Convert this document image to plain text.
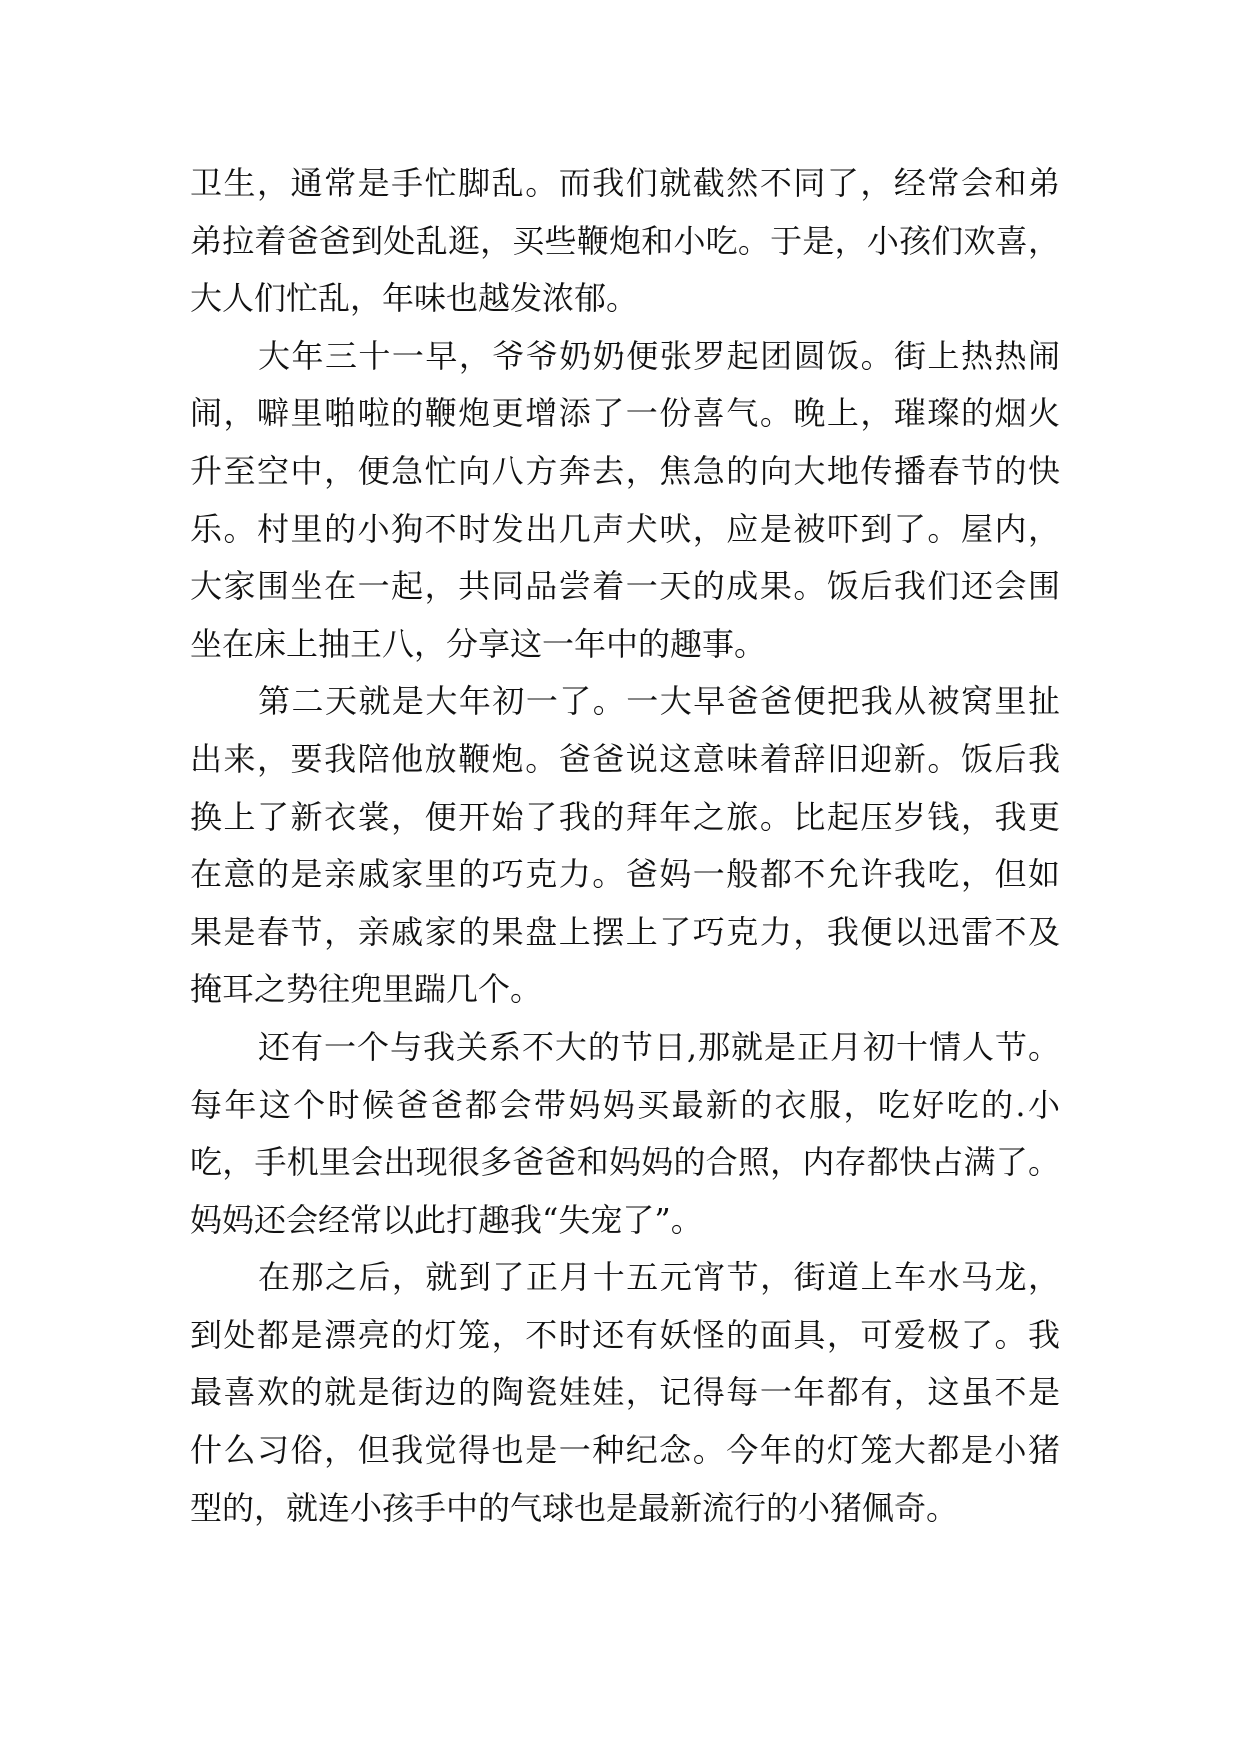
卫生，通常是手忙脚乱。而我们就截然不同了，经常会和弟
弟拉着爸爸到处乱逛，买些鞭炮和小吃。于是，小孩们欢喜，
大人们忙乱，年味也越发浓郁。
大年三十一早，爷爷奶奶便张罗起团圆饭。街上热热闹
闹，噼里啪啦的鞭炮更增添了一份喜气。晚上，璀璨的烟火
升至空中，便急忙向八方奔去，焦急的向大地传播春节的快
乐。村里的小狗不时发出几声犬吠，应是被吓到了。屋内，
大家围坐在一起，共同品尝着一天的成果。饭后我们还会围
坐在床上抽王八，分享这一年中的趣事。
第二天就是大年初一了。一大早爸爸便把我从被窝里扯
出来，要我陪他放鞭炮。爸爸说这意味着辞旧迎新。饭后我
换上了新衣裳，便开始了我的拜年之旅。比起压岁钱，我更
在意的是亲戚家里的巧克力。爸妈一般都不允许我吃，但如
果是春节，亲戚家的果盘上摆上了巧克力，我便以迅雷不及
掩耳之势往兜里踹几个。
还有一个与我关系不大的节日,那就是正月初十情人节。
每年这个时候爸爸都会带妈妈买最新的衣服，吃好吃的.小
吃，手机里会出现很多爸爸和妈妈的合照，内存都快占满了。
妈妈还会经常以此打趣我“失宠了”。
在那之后，就到了正月十五元宵节，街道上车水马龙，
到处都是漂亮的灯笼，不时还有妖怪的面具，可爱极了。我
最喜欢的就是街边的陶瓷娃娃，记得每一年都有，这虽不是
什么习俗，但我觉得也是一种纪念。今年的灯笼大都是小猪
型的，就连小孩手中的气球也是最新流行的小猪佩奇。
